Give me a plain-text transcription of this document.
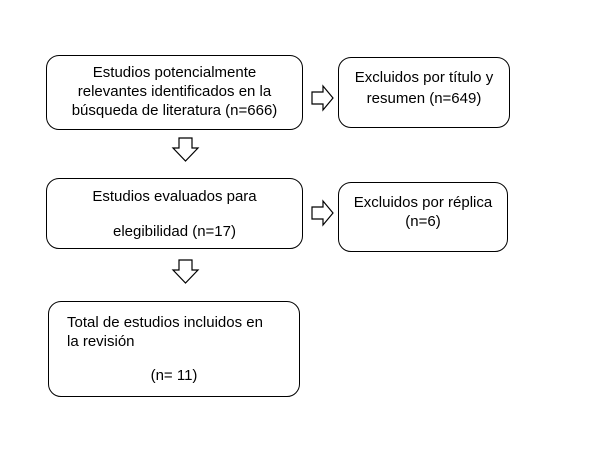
Estudios potencialmente
relevantes identificados en la
búsqueda de literatura (n=666)
Excluidos por título y
resumen (n=649)
Estudios evaluados para
elegibilidad (n=17)
Excluidos por réplica
(n=6)
Total de estudios incluidos en
la revisión
(n= 11)
